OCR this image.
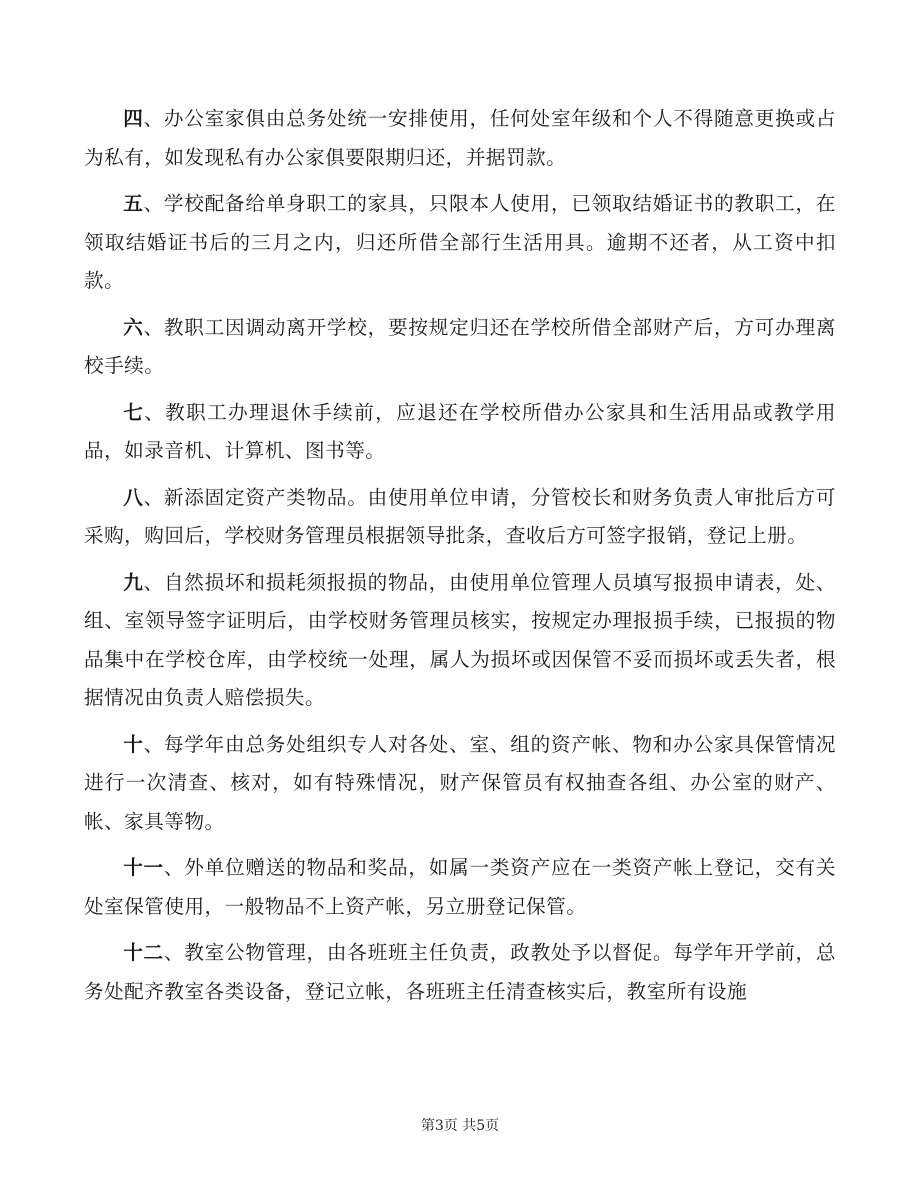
四、办公室家俱由总务处统一安排使用，任何处室年级和个人不得随意更换或占为私有，如发现私有办公家俱要限期归还，并据罚款。

五、学校配备给单身职工的家具，只限本人使用，已领取结婚证书的教职工，在领取结婚证书后的三月之内，归还所借全部行生活用具。逾期不还者，从工资中扣款。

六、教职工因调动离开学校，要按规定归还在学校所借全部财产后，方可办理离校手续。

七、教职工办理退休手续前，应退还在学校所借办公家具和生活用品或教学用品，如录音机、计算机、图书等。

八、新添固定资产类物品。由使用单位申请，分管校长和财务负责人审批后方可采购，购回后，学校财务管理员根据领导批条，查收后方可签字报销，登记上册。

九、自然损坏和损耗须报损的物品，由使用单位管理人员填写报损申请表，处、组、室领导签字证明后，由学校财务管理员核实，按规定办理报损手续，已报损的物品集中在学校仓库，由学校统一处理，属人为损坏或因保管不妥而损坏或丢失者，根据情况由负责人赔偿损失。

十、每学年由总务处组织专人对各处、室、组的资产帐、物和办公家具保管情况进行一次清查、核对，如有特殊情况，财产保管员有权抽查各组、办公室的财产、帐、家具等物。

十一、外单位赠送的物品和奖品，如属一类资产应在一类资产帐上登记，交有关处室保管使用，一般物品不上资产帐，另立册登记保管。

十二、教室公物管理，由各班班主任负责，政教处予以督促。每学年开学前，总务处配齐教室各类设备，登记立帐，各班班主任清查核实后，教室所有设施

第3页 共5页
